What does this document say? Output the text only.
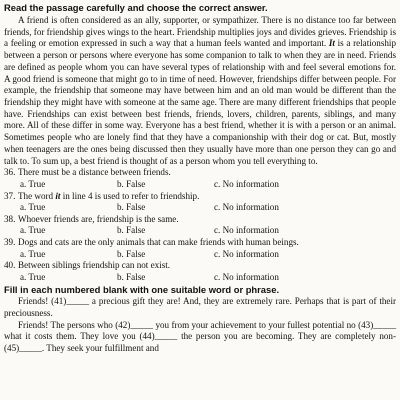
Read the passage carefully and choose the correct answer.

A friend is often considered as an ally, supporter, or sympathizer. There is no distance too far between friends, for friendship gives wings to the heart. Friendship multiplies joys and divides grieves. Friendship is a feeling or emotion expressed in such a way that a human feels wanted and important. It is a relationship between a person or persons where everyone has some companion to talk to when they are in need. Friends are defined as people whom you can have several types of relationship with and feel several emotions for. A good friend is someone that might go to in time of need. However, friendships differ between people. For example, the friendship that someone may have between him and an old man would be different than the friendship they might have with someone at the same age. There are many different friendships that people have. Friendships can exist between best friends, friends, lovers, children, parents, siblings, and many more. All of these differ in some way. Everyone has a best friend, whether it is with a person or an animal. Sometimes people who are lonely find that they have a companionship with their dog or cat. But, mostly when teenagers are the ones being discussed then they usually have more than one person they can go and talk to. To sum up, a best friend is thought of as a person whom you tell everything to.

36. There must be a distance between friends.

a. True	b. False	c. No information

37. The word it in line 4 is used to refer to friendship.

a. True	b. False	c. No information

38. Whoever friends are, friendship is the same.

a. True	b. False	c. No information

39. Dogs and cats are the only animals that can make friends with human beings.

a. True	b. False	c. No information

40. Between siblings friendship can not exist.

a. True	b. False	c. No information

Fill in each numbered blank with one suitable word or phrase.

Friends! (41)_____ a precious gift they are! And, they are extremely rare. Perhaps that is part of their preciousness.

Friends! The persons who (42)_____ you from your achievement to your fullest potential no (43)_____ what it costs them. They love you (44)_____ the person you are becoming. They are completely non-(45)_____. They seek your fulfillment and
